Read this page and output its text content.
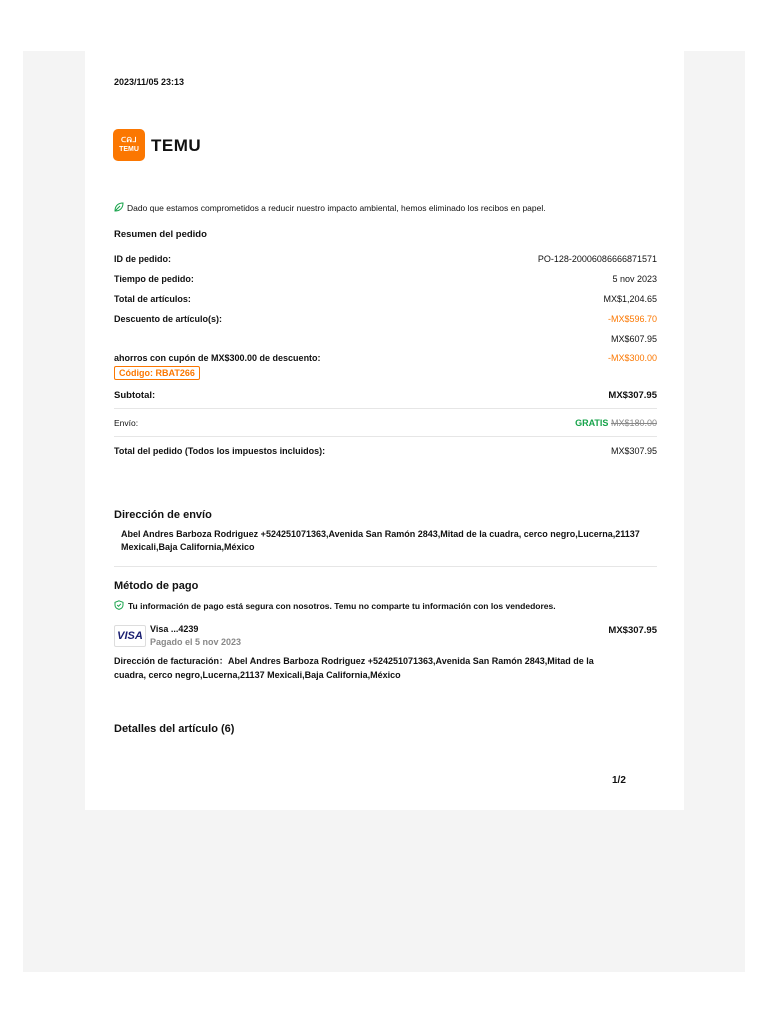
2023/11/05 23:13
ᑕᕱᒧ
TEMU TEMU
Dado que estamos comprometidos a reducir nuestro impacto ambiental, hemos eliminado los recibos en papel.
Resumen del pedido
ID de pedido:	PO-128-20006086666871571
Tiempo de pedido:	5 nov 2023
Total de artículos:	MX$1,204.65
Descuento de artículo(s):	-MX$596.70
MX$607.95
ahorros con cupón de MX$300.00 de descuento:	-MX$300.00
Código: RBAT266
Subtotal:	MX$307.95
Envío:	GRATIS MX$180.00
Total del pedido (Todos los impuestos incluidos):	MX$307.95
Dirección de envío
Abel Andres Barboza Rodriguez +524251071363,Avenida San Ramón 2843,Mitad de la cuadra, cerco negro,Lucerna,21137 Mexicali,Baja California,México
Método de pago
Tu información de pago está segura con nosotros. Temu no comparte tu información con los vendedores.
VISA
Visa ...4239
Pagado el 5 nov 2023
MX$307.95
Dirección de facturación：Abel Andres Barboza Rodriguez +524251071363,Avenida San Ramón 2843,Mitad de la cuadra, cerco negro,Lucerna,21137 Mexicali,Baja California,México
Detalles del artículo (6)
1/2
